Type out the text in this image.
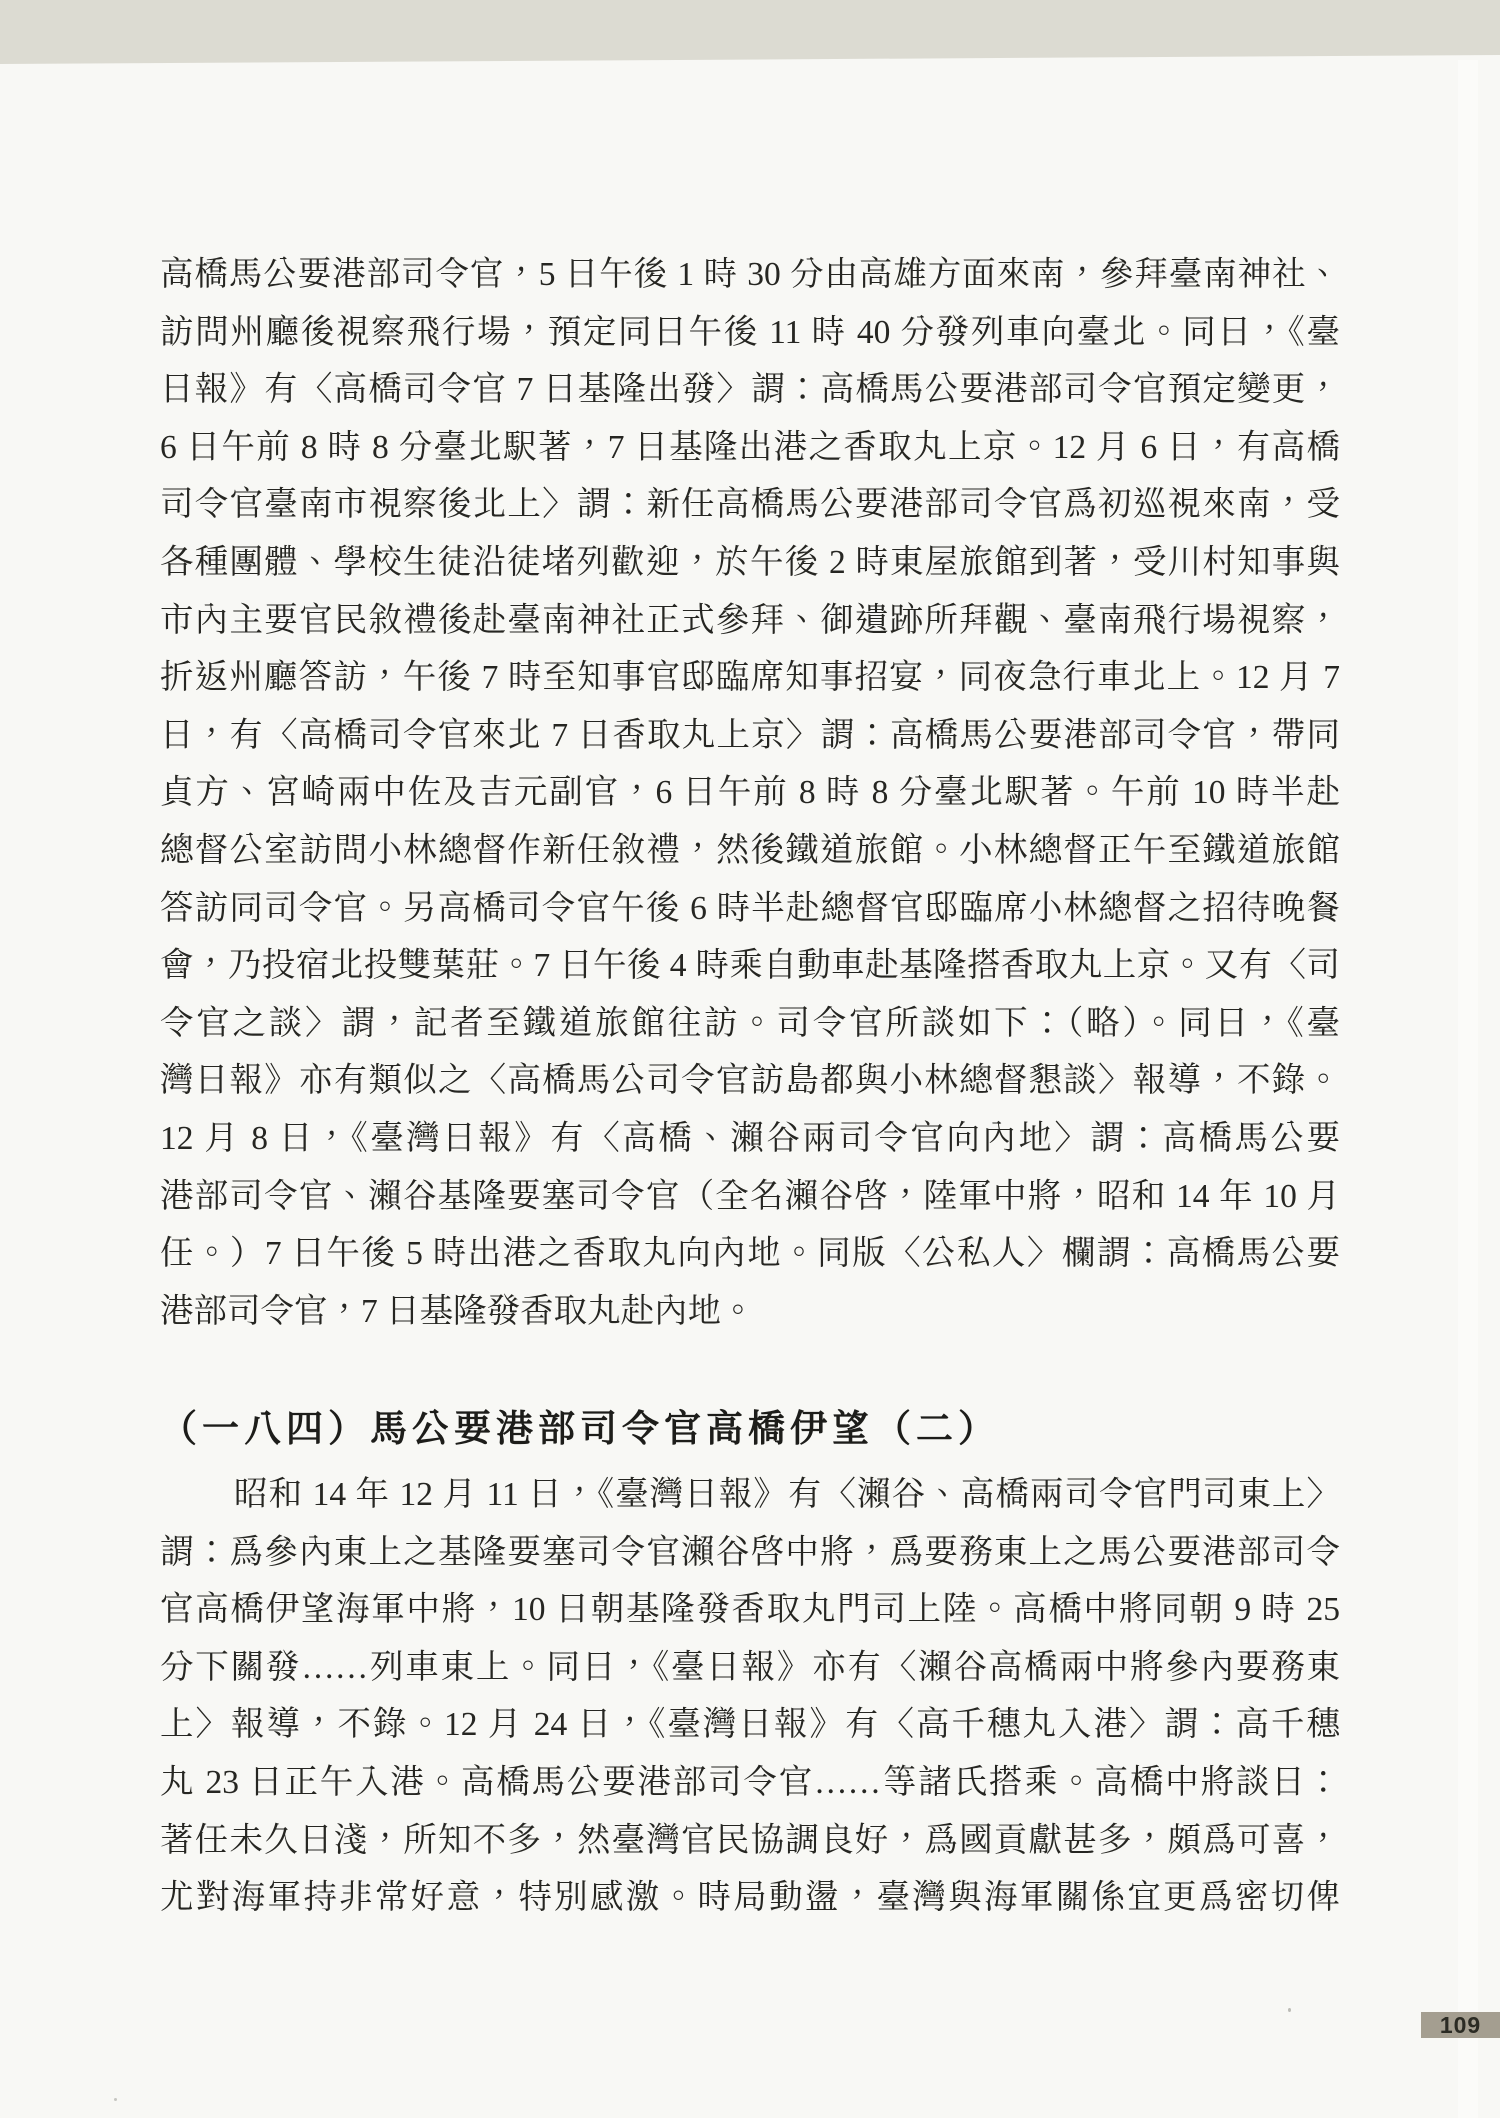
高橋馬公要港部司令官，5 日午後 1 時 30 分由高雄方面來南，參拜臺南神社、
訪問州廳後視察飛行場，預定同日午後 11 時 40 分發列車向臺北。同日，《臺
日報》有〈高橋司令官 7 日基隆出發〉謂：高橋馬公要港部司令官預定變更，
6 日午前 8 時 8 分臺北駅著，7 日基隆出港之香取丸上京。12 月 6 日，有高橋
司令官臺南市視察後北上〉謂：新任高橋馬公要港部司令官爲初巡視來南，受
各種團體、學校生徒沿徒堵列歡迎，於午後 2 時東屋旅館到著，受川村知事與
市內主要官民敘禮後赴臺南神社正式參拜、御遺跡所拜觀、臺南飛行場視察，
折返州廳答訪，午後 7 時至知事官邸臨席知事招宴，同夜急行車北上。12 月 7
日，有〈高橋司令官來北 7 日香取丸上京〉謂：高橋馬公要港部司令官，帶同
貞方、宮崎兩中佐及吉元副官，6 日午前 8 時 8 分臺北駅著。午前 10 時半赴
總督公室訪問小林總督作新任敘禮，然後鐵道旅館。小林總督正午至鐵道旅館
答訪同司令官。另高橋司令官午後 6 時半赴總督官邸臨席小林總督之招待晚餐
會，乃投宿北投雙葉莊。7 日午後 4 時乘自動車赴基隆搭香取丸上京。又有〈司
令官之談〉謂，記者至鐵道旅館往訪。司令官所談如下：（略）。同日，《臺
灣日報》亦有類似之〈高橋馬公司令官訪島都與小林總督懇談〉報導，不錄。
12 月 8 日，《臺灣日報》有〈高橋、瀨谷兩司令官向內地〉謂：高橋馬公要
港部司令官、瀨谷基隆要塞司令官（全名瀨谷啓，陸軍中將，昭和 14 年 10 月
任。）7 日午後 5 時出港之香取丸向內地。同版〈公私人〉欄謂：高橋馬公要
港部司令官，7 日基隆發香取丸赴內地。
（一八四）馬公要港部司令官高橋伊望（二）
昭和 14 年 12 月 11 日，《臺灣日報》有〈瀨谷、高橋兩司令官門司東上〉
謂：爲參內東上之基隆要塞司令官瀨谷啓中將，爲要務東上之馬公要港部司令
官高橋伊望海軍中將，10 日朝基隆發香取丸門司上陸。高橋中將同朝 9 時 25
分下關發……列車東上。同日，《臺日報》亦有〈瀨谷高橋兩中將參內要務東
上〉報導，不錄。12 月 24 日，《臺灣日報》有〈高千穗丸入港〉謂：高千穗
丸 23 日正午入港。高橋馬公要港部司令官……等諸氏搭乘。高橋中將談日：
著任未久日淺，所知不多，然臺灣官民協調良好，爲國貢獻甚多，頗爲可喜，
尤對海軍持非常好意，特別感激。時局動盪，臺灣與海軍關係宜更爲密切俾
109
